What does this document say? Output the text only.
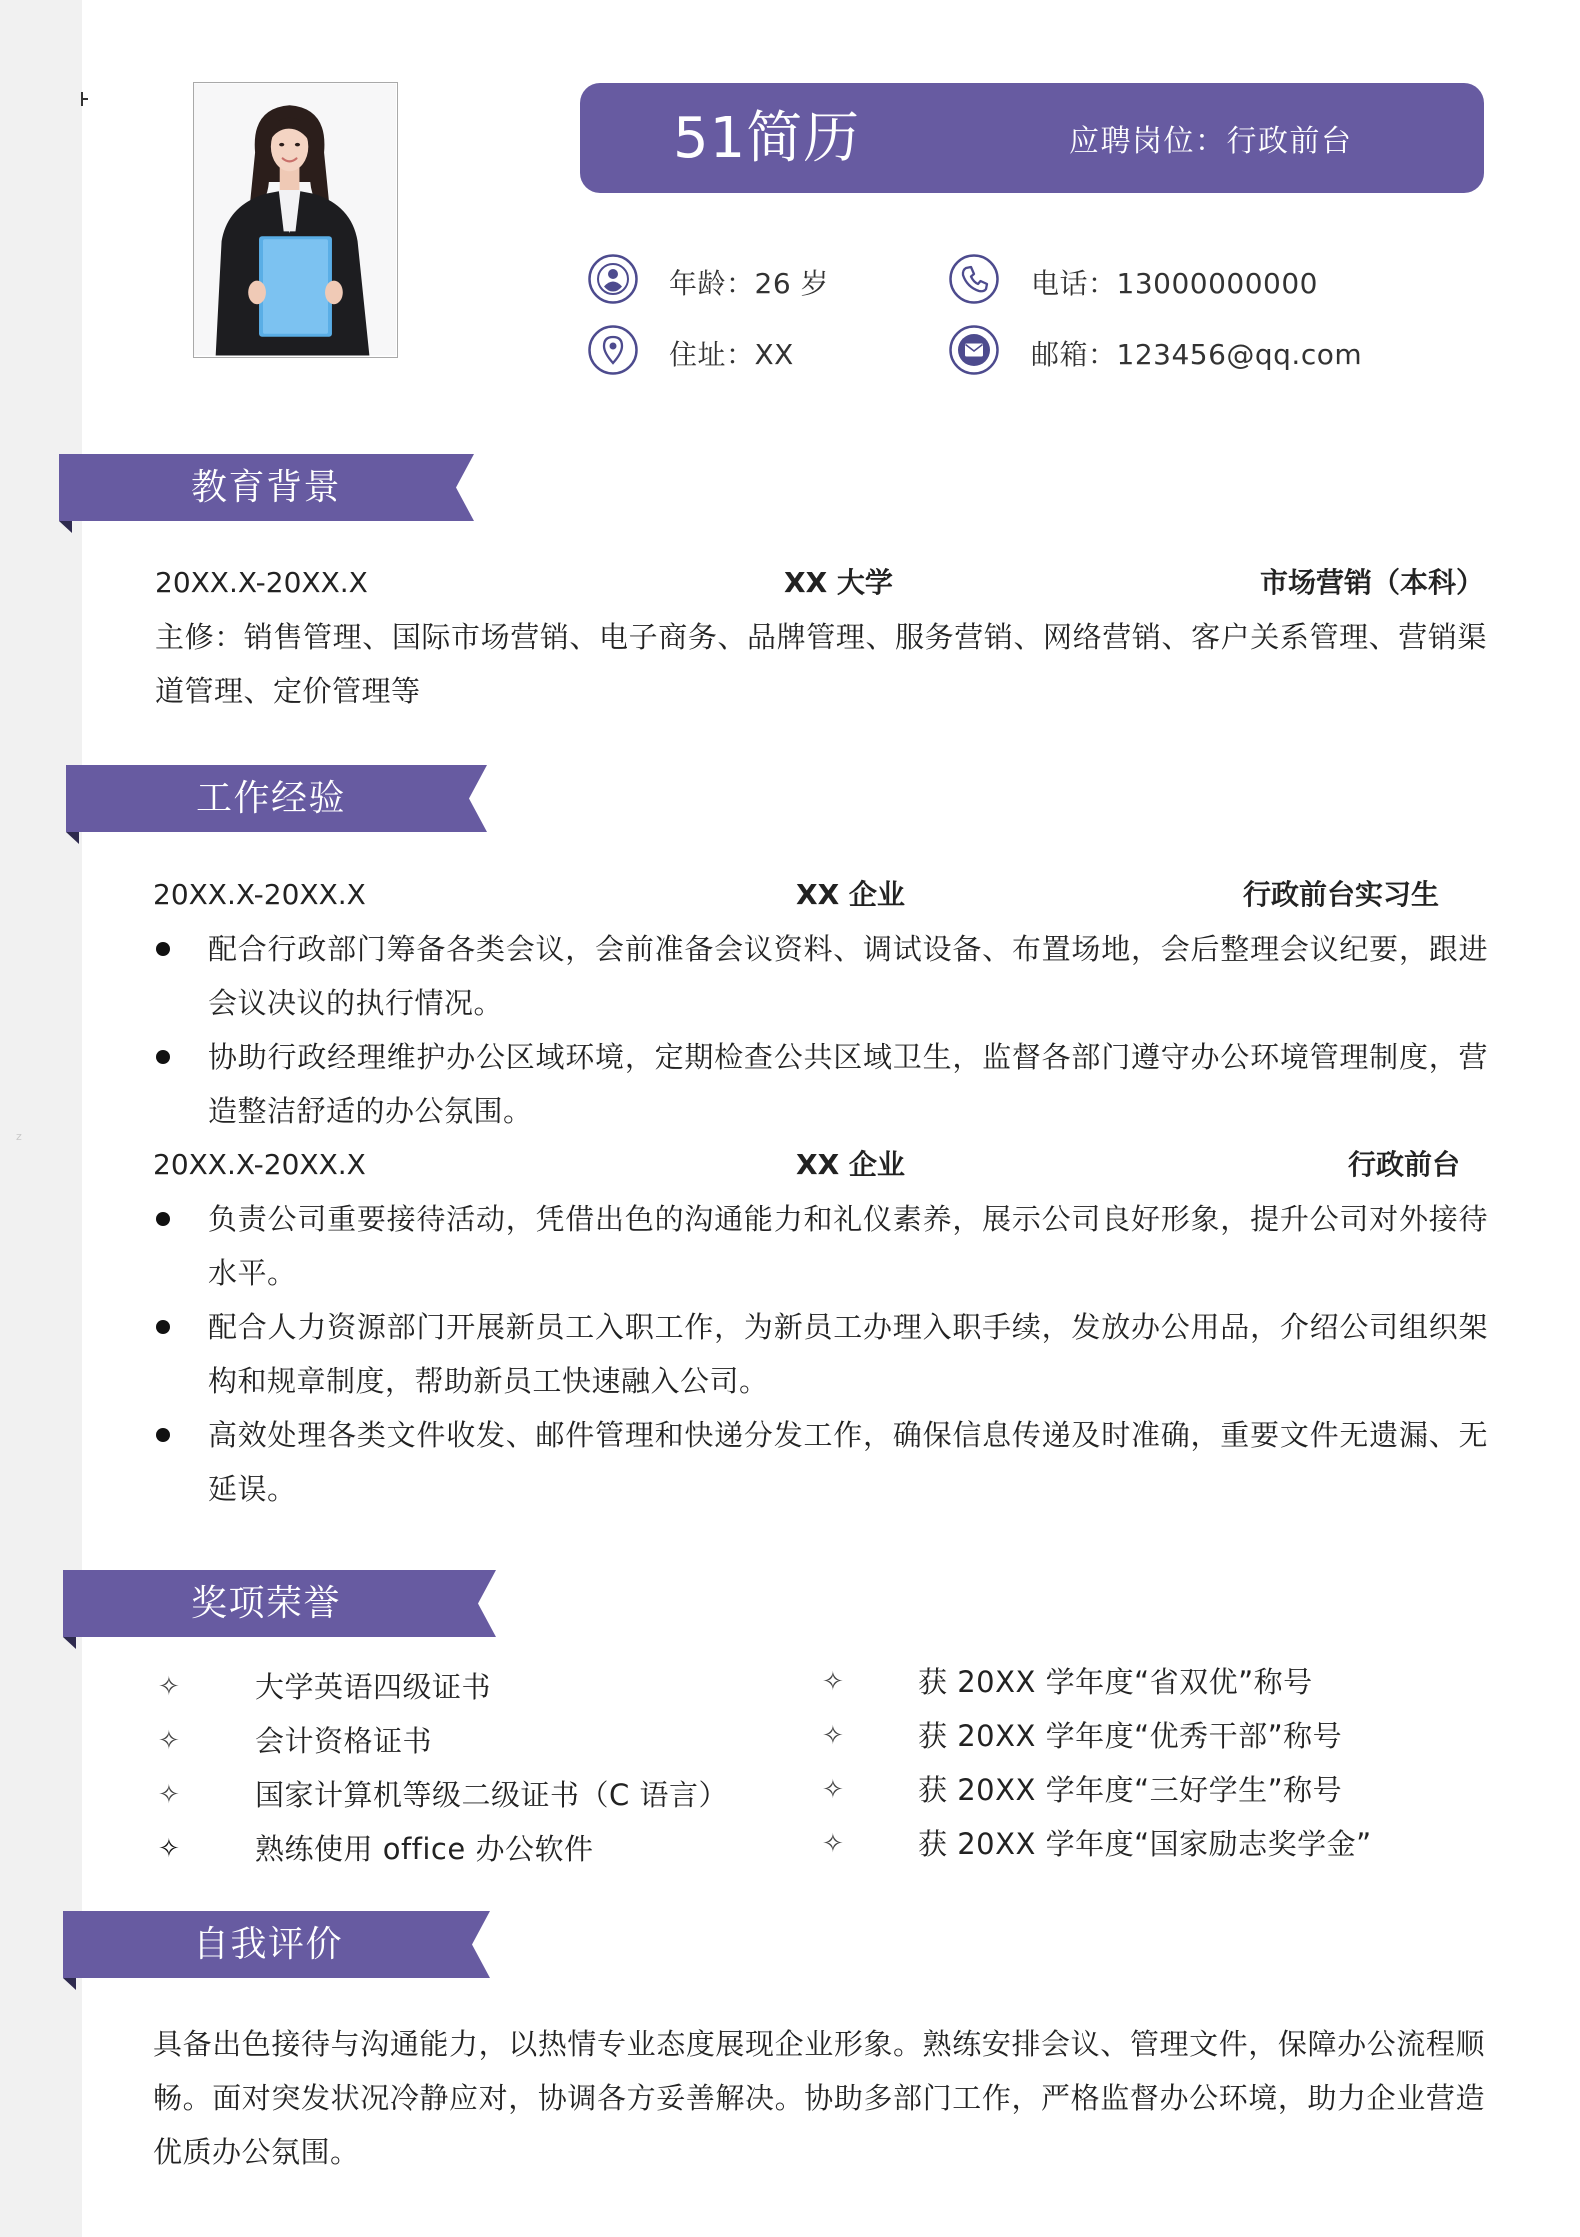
z
51简历	应聘岗位：行政前台
年龄：26 岁	电话：13000000000
住址：XX	邮箱：123456@qq.com
教育背景
20XX.X-20XX.X	XX 大学	市场营销（本科）
主修：销售管理、国际市场营销、电子商务、品牌管理、服务营销、网络营销、客户关系管理、营销渠道管理、定价管理等
工作经验
20XX.X-20XX.X	XX 企业	行政前台实习生
配合行政部门筹备各类会议，会前准备会议资料、调试设备、布置场地，会后整理会议纪要，跟进会议决议的执行情况。
协助行政经理维护办公区域环境，定期检查公共区域卫生，监督各部门遵守办公环境管理制度，营造整洁舒适的办公氛围。
20XX.X-20XX.X	XX 企业	行政前台
负责公司重要接待活动，凭借出色的沟通能力和礼仪素养，展示公司良好形象，提升公司对外接待水平。
配合人力资源部门开展新员工入职工作，为新员工办理入职手续，发放办公用品，介绍公司组织架构和规章制度，帮助新员工快速融入公司。
高效处理各类文件收发、邮件管理和快递分发工作，确保信息传递及时准确，重要文件无遗漏、无延误。
奖项荣誉
✧	大学英语四级证书
✧	会计资格证书
✧	国家计算机等级二级证书（C 语言）
✧	熟练使用 office 办公软件
✧	获 20XX 学年度“省双优”称号
✧	获 20XX 学年度“优秀干部”称号
✧	获 20XX 学年度“三好学生”称号
✧	获 20XX 学年度“国家励志奖学金”
自我评价
具备出色接待与沟通能力，以热情专业态度展现企业形象。熟练安排会议、管理文件，保障办公流程顺畅。面对突发状况冷静应对，协调各方妥善解决。协助多部门工作，严格监督办公环境，助力企业营造优质办公氛围。
